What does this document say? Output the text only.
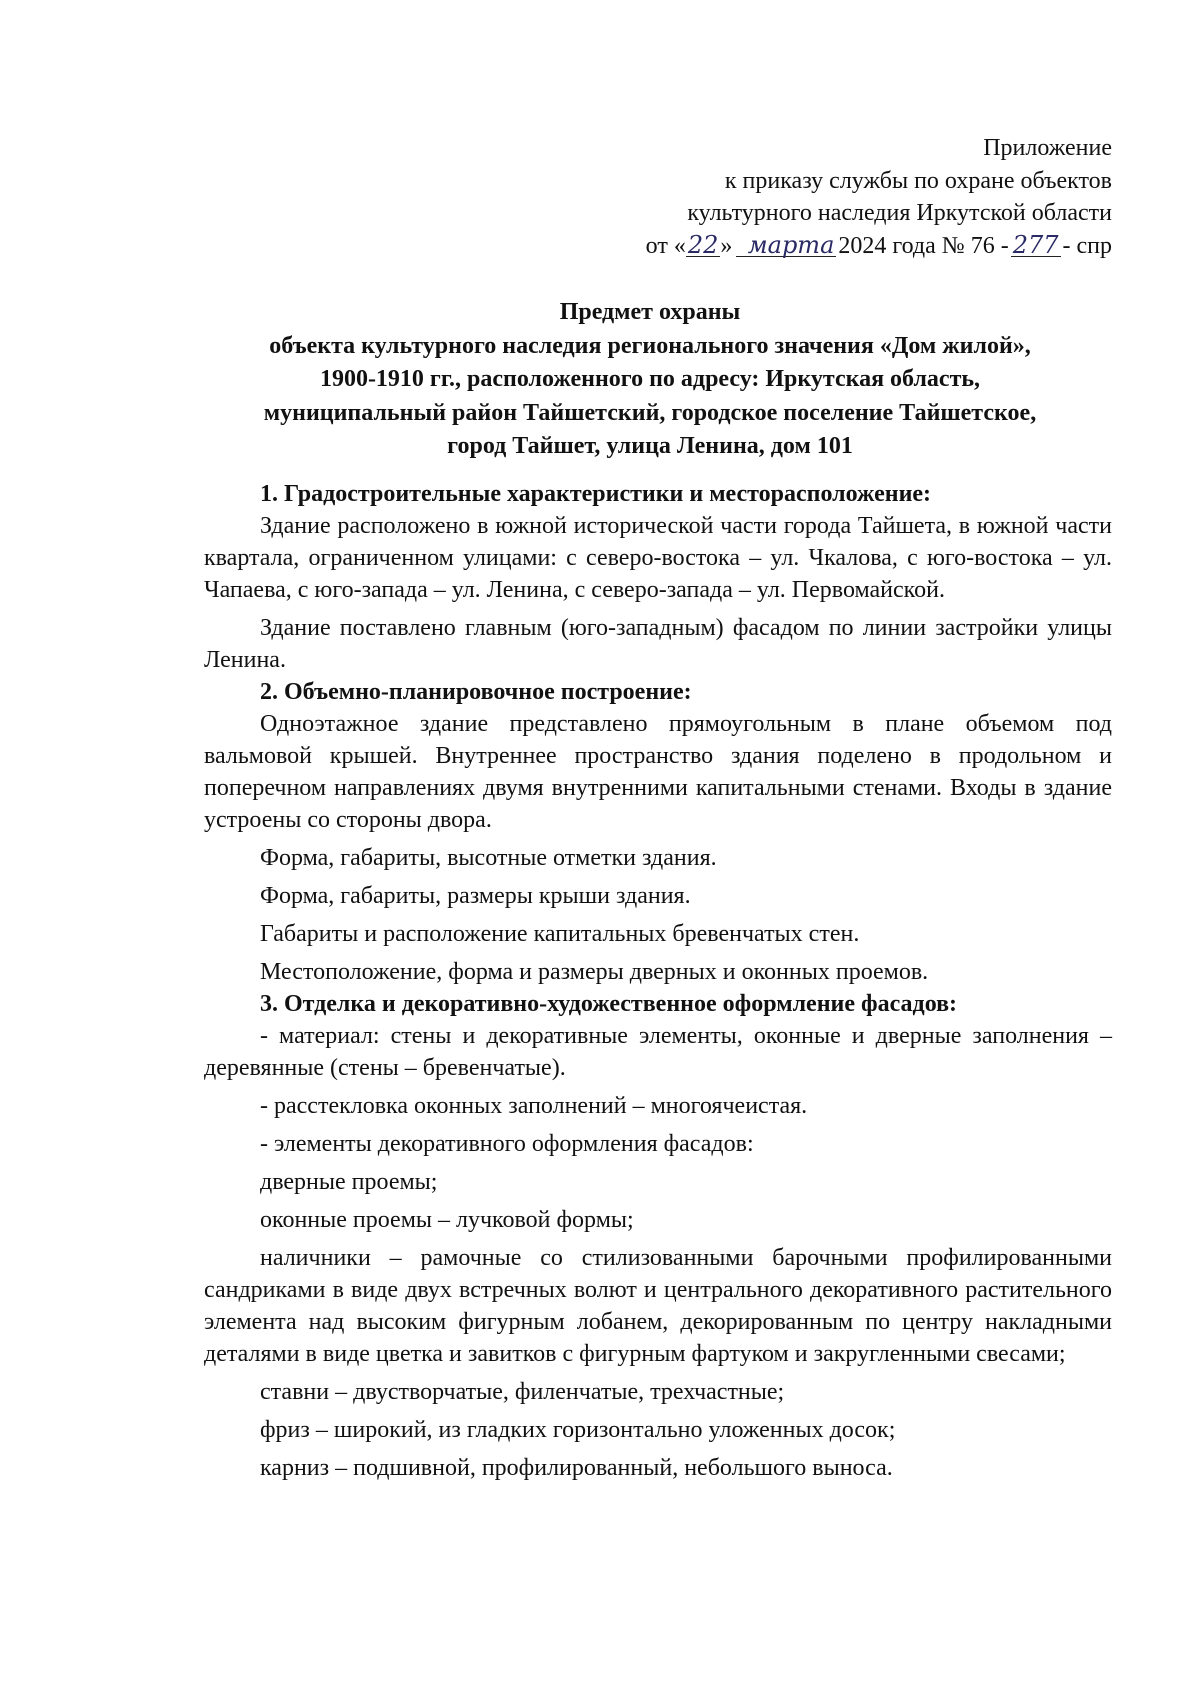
Приложение
к приказу службы по охране объектов
культурного наследия Иркутской области
от «22» марта 2024 года № 76 - 277 - спр
Предмет охраны
объекта культурного наследия регионального значения «Дом жилой»,
1900-1910 гг., расположенного по адресу: Иркутская область,
муниципальный район Тайшетский, городское поселение Тайшетское,
город Тайшет, улица Ленина, дом 101

1. Градостроительные характеристики и месторасположение:

Здание расположено в южной исторической части города Тайшета, в южной части квартала, ограниченном улицами: с северо-востока – ул. Чкалова, с юго-востока – ул. Чапаева, с юго-запада – ул. Ленина, с северо-запада – ул. Первомайской.

Здание поставлено главным (юго-западным) фасадом по линии застройки улицы Ленина.

2. Объемно-планировочное построение:

Одноэтажное здание представлено прямоугольным в плане объемом под вальмовой крышей. Внутреннее пространство здания поделено в продольном и поперечном направлениях двумя внутренними капитальными стенами. Входы в здание устроены со стороны двора.

Форма, габариты, высотные отметки здания.

Форма, габариты, размеры крыши здания.

Габариты и расположение капитальных бревенчатых стен.

Местоположение, форма и размеры дверных и оконных проемов.

3. Отделка и декоративно-художественное оформление фасадов:

- материал: стены и декоративные элементы, оконные и дверные заполнения – деревянные (стены – бревенчатые).

- расстекловка оконных заполнений – многоячеистая.

- элементы декоративного оформления фасадов:

дверные проемы;

оконные проемы – лучковой формы;

наличники – рамочные со стилизованными барочными профилированными сандриками в виде двух встречных волют и центрального декоративного растительного элемента над высоким фигурным лобанем, декорированным по центру накладными деталями в виде цветка и завитков с фигурным фартуком и закругленными свесами;

ставни – двустворчатые, филенчатые, трехчастные;

фриз – широкий, из гладких горизонтально уложенных досок;

карниз – подшивной, профилированный, небольшого выноса.
